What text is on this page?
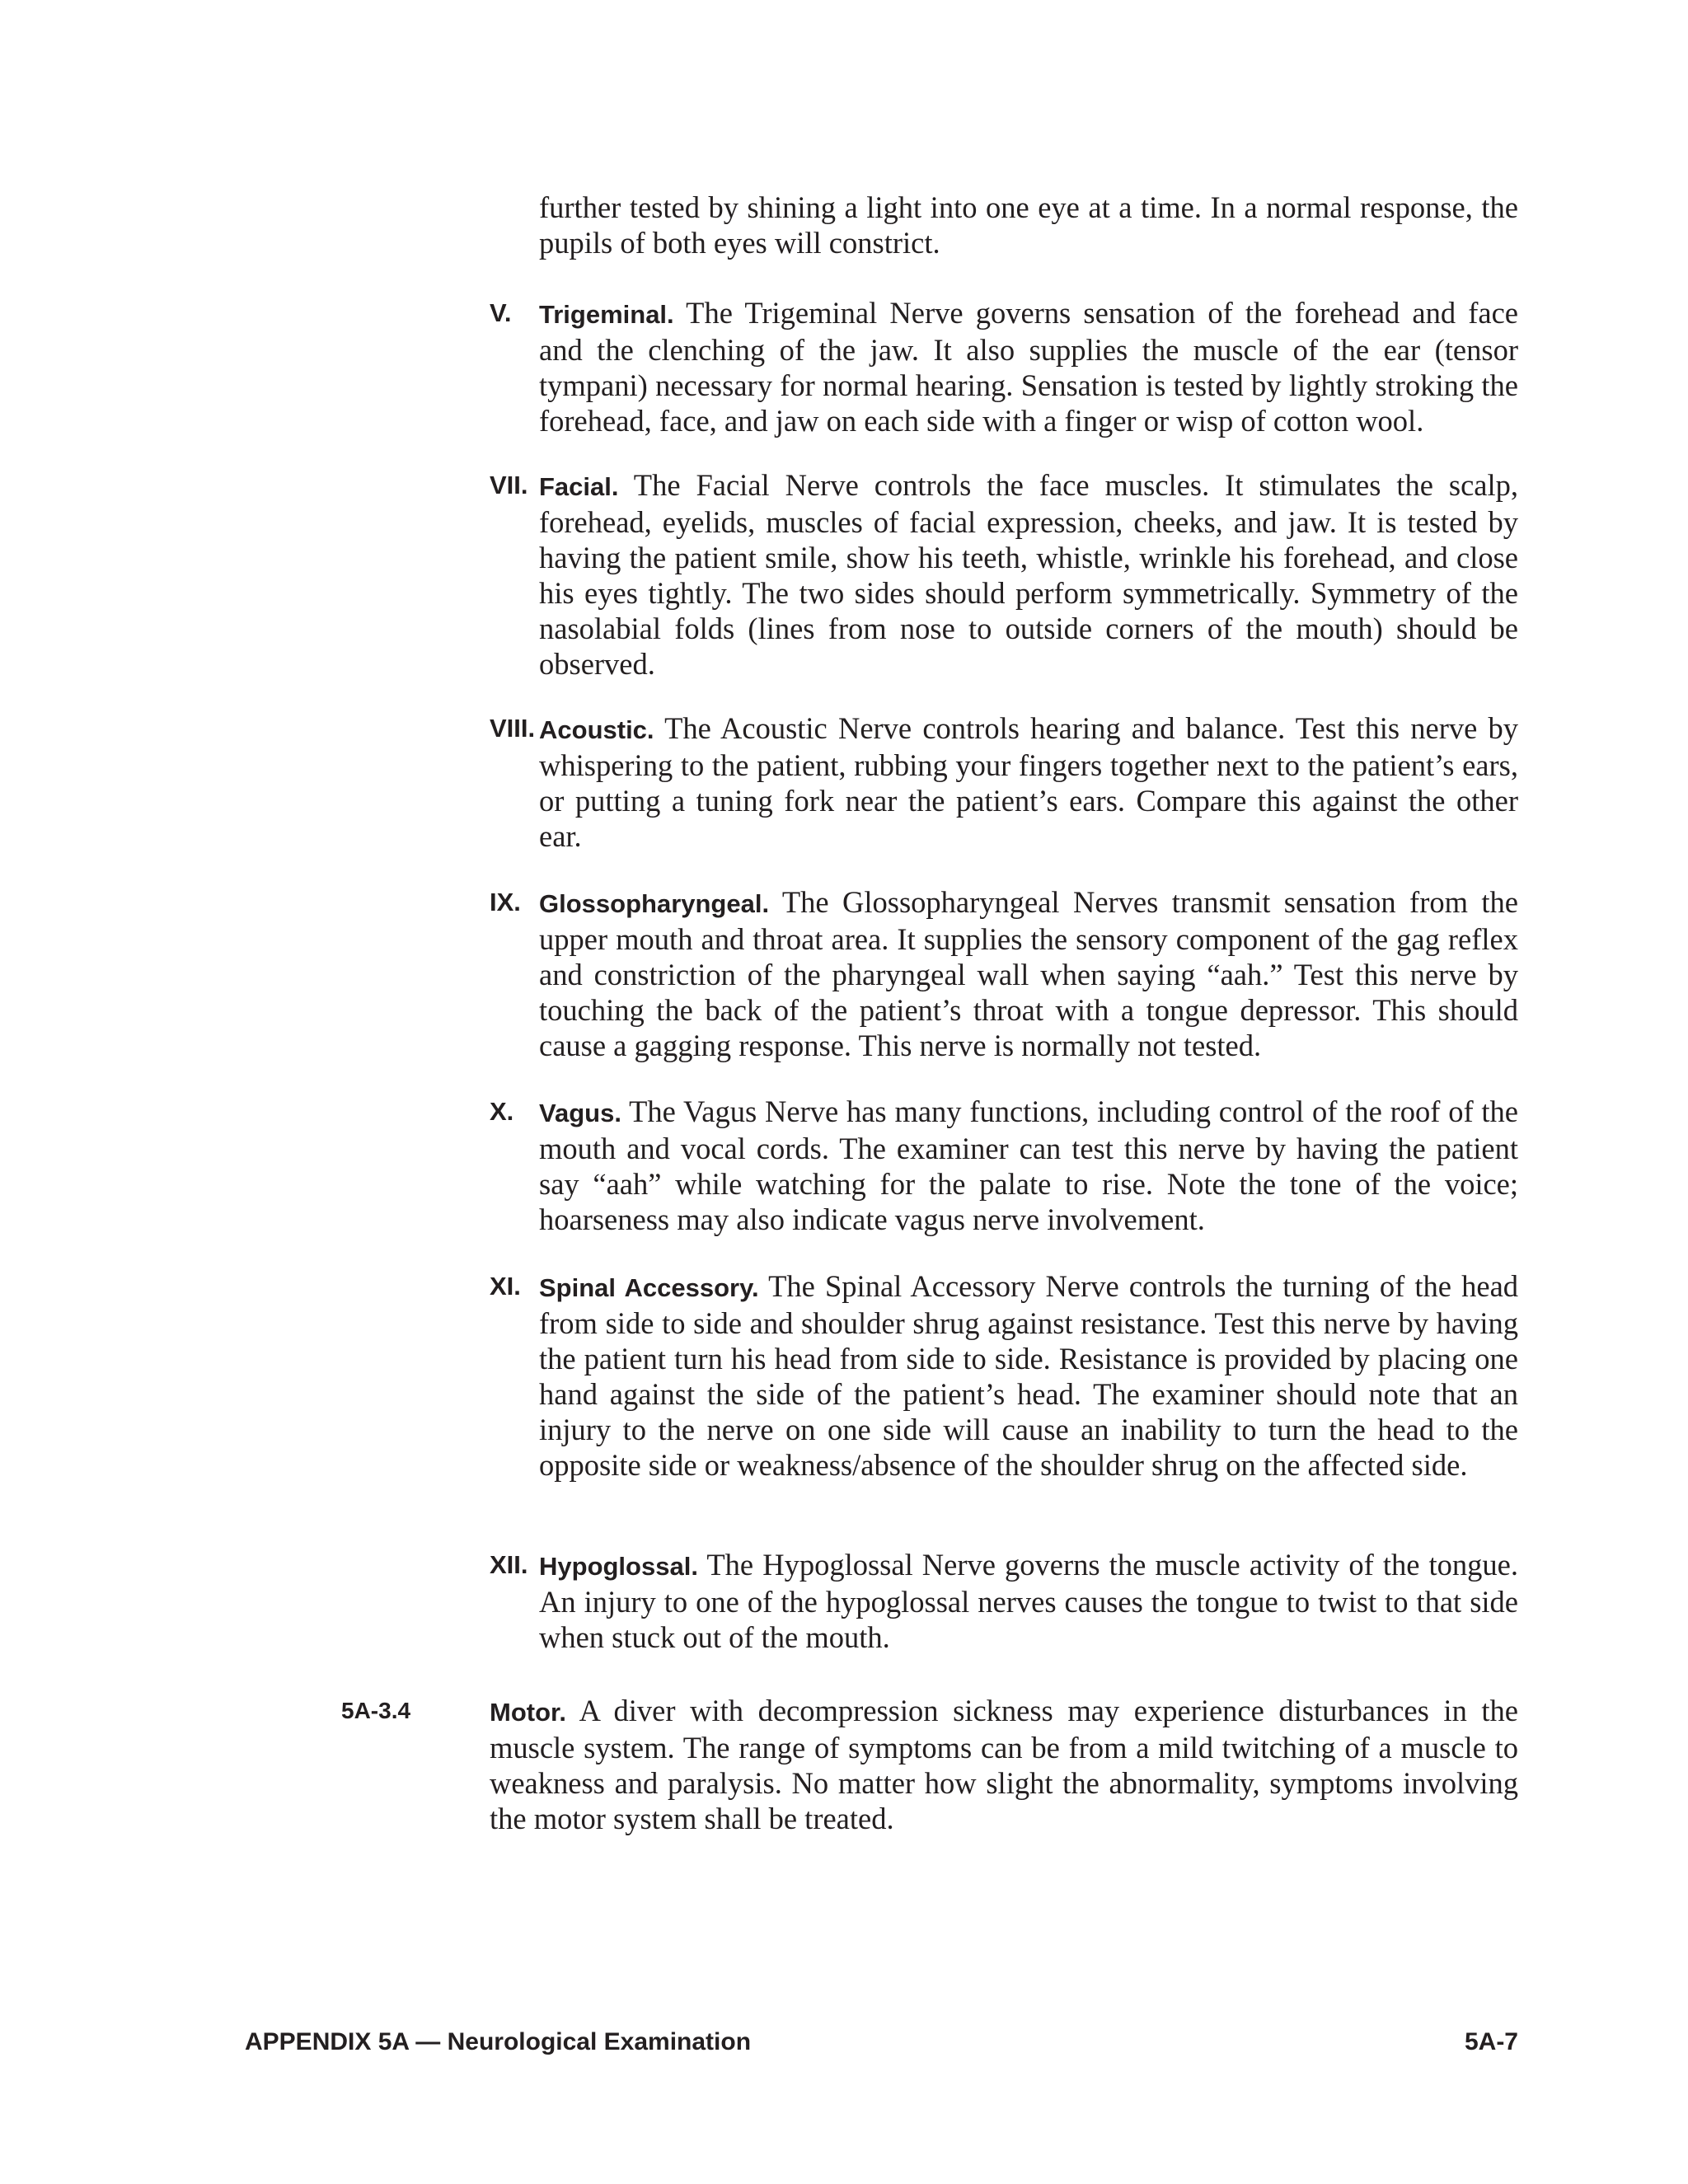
further tested by shining a light into one eye at a time. In a normal response, the pupils of both eyes will constrict.

V. Trigeminal. The Trigeminal Nerve governs sensation of the forehead and face and the clenching of the jaw. It also supplies the muscle of the ear (tensor tympani) necessary for normal hearing. Sensation is tested by lightly stroking the forehead, face, and jaw on each side with a finger or wisp of cotton wool.
VII. Facial. The Facial Nerve controls the face muscles. It stimulates the scalp, forehead, eyelids, muscles of facial expression, cheeks, and jaw. It is tested by having the patient smile, show his teeth, whistle, wrinkle his forehead, and close his eyes tightly. The two sides should perform symmetrically. Symmetry of the nasolabial folds (lines from nose to outside corners of the mouth) should be observed.
VIII. Acoustic. The Acoustic Nerve controls hearing and balance. Test this nerve by whispering to the patient, rubbing your fingers together next to the patient’s ears, or putting a tuning fork near the patient’s ears. Compare this against the other ear.
IX. Glossopharyngeal. The Glossopharyngeal Nerves transmit sensation from the upper mouth and throat area. It supplies the sensory component of the gag reflex and constriction of the pharyngeal wall when saying “aah.” Test this nerve by touching the back of the patient’s throat with a tongue depressor. This should cause a gagging response. This nerve is normally not tested.
X. Vagus. The Vagus Nerve has many functions, including control of the roof of the mouth and vocal cords. The examiner can test this nerve by having the patient say “aah” while watching for the palate to rise. Note the tone of the voice; hoarseness may also indicate vagus nerve involvement.
XI. Spinal Accessory. The Spinal Accessory Nerve controls the turning of the head from side to side and shoulder shrug against resistance. Test this nerve by having the patient turn his head from side to side. Resistance is provided by placing one hand against the side of the patient’s head. The examiner should note that an injury to the nerve on one side will cause an inability to turn the head to the opposite side or weakness/absence of the shoulder shrug on the affected side.
XII. Hypoglossal. The Hypoglossal Nerve governs the muscle activity of the tongue. An injury to one of the hypoglossal nerves causes the tongue to twist to that side when stuck out of the mouth.
5A-3.4	Motor. A diver with decompression sickness may experience disturbances in the muscle system. The range of symptoms can be from a mild twitching of a muscle to weakness and paralysis. No matter how slight the abnormality, symptoms involving the motor system shall be treated.
APPENDIX 5A — Neurological Examination	5A-7
